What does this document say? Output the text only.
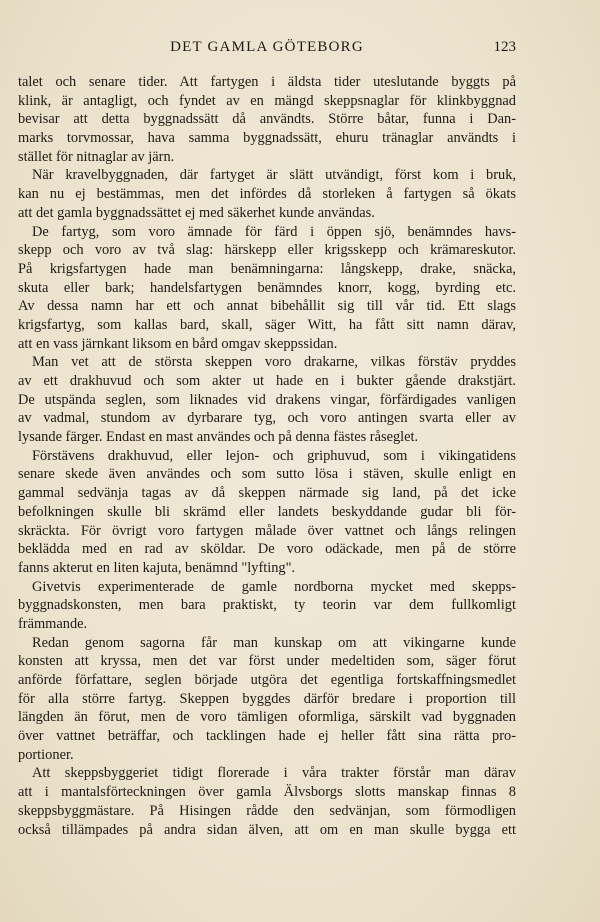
DET GAMLA GÖTEBORG	123
talet och senare tider. Att fartygen i äldsta tider uteslutande byggts på
klink, är antagligt, och fyndet av en mängd skeppsnaglar för klinkbyggnad
bevisar att detta byggnadssätt då användts. Större båtar, funna i Dan-
marks torvmossar, hava samma byggnadssätt, ehuru tränaglar användts i
stället för nitnaglar av järn.
När kravelbyggnaden, där fartyget är slätt utvändigt, först kom i bruk,
kan nu ej bestämmas, men det infördes då storleken å fartygen så ökats
att det gamla byggnadssättet ej med säkerhet kunde användas.
De fartyg, som voro ämnade för färd i öppen sjö, benämndes havs-
skepp och voro av två slag: härskepp eller krigsskepp och krämareskutor.
På krigsfartygen hade man benämningarna: långskepp, drake, snäcka,
skuta eller bark; handelsfartygen benämndes knorr, kogg, byrding etc.
Av dessa namn har ett och annat bibehållit sig till vår tid. Ett slags
krigsfartyg, som kallas bard, skall, säger Witt, ha fått sitt namn därav,
att en vass järnkant liksom en bård omgav skeppssidan.
Man vet att de största skeppen voro drakarne, vilkas förstäv pryddes
av ett drakhuvud och som akter ut hade en i bukter gående drakstjärt.
De utspända seglen, som liknades vid drakens vingar, förfärdigades vanligen
av vadmal, stundom av dyrbarare tyg, och voro antingen svarta eller av
lysande färger. Endast en mast användes och på denna fästes råseglet.
Förstävens drakhuvud, eller lejon- och griphuvud, som i vikingatidens
senare skede även användes och som sutto lösa i stäven, skulle enligt en
gammal sedvänja tagas av då skeppen närmade sig land, på det icke
befolkningen skulle bli skrämd eller landets beskyddande gudar bli för-
skräckta. För övrigt voro fartygen målade över vattnet och långs relingen
beklädda med en rad av sköldar. De voro odäckade, men på de större
fanns akterut en liten kajuta, benämnd "lyfting".
Givetvis experimenterade de gamle nordborna mycket med skepps-
byggnadskonsten, men bara praktiskt, ty teorin var dem fullkomligt
främmande.
Redan genom sagorna får man kunskap om att vikingarne kunde
konsten att kryssa, men det var först under medeltiden som, säger förut
anförde författare, seglen började utgöra det egentliga fortskaffningsmedlet
för alla större fartyg. Skeppen byggdes därför bredare i proportion till
längden än förut, men de voro tämligen oformliga, särskilt vad byggnaden
över vattnet beträffar, och tacklingen hade ej heller fått sina rätta pro-
portioner.
Att skeppsbyggeriet tidigt florerade i våra trakter förstår man därav
att i mantalsförteckningen över gamla Älvsborgs slotts manskap finnas 8
skeppsbyggmästare. På Hisingen rådde den sedvänjan, som förmodligen
också tillämpades på andra sidan älven, att om en man skulle bygga ett
